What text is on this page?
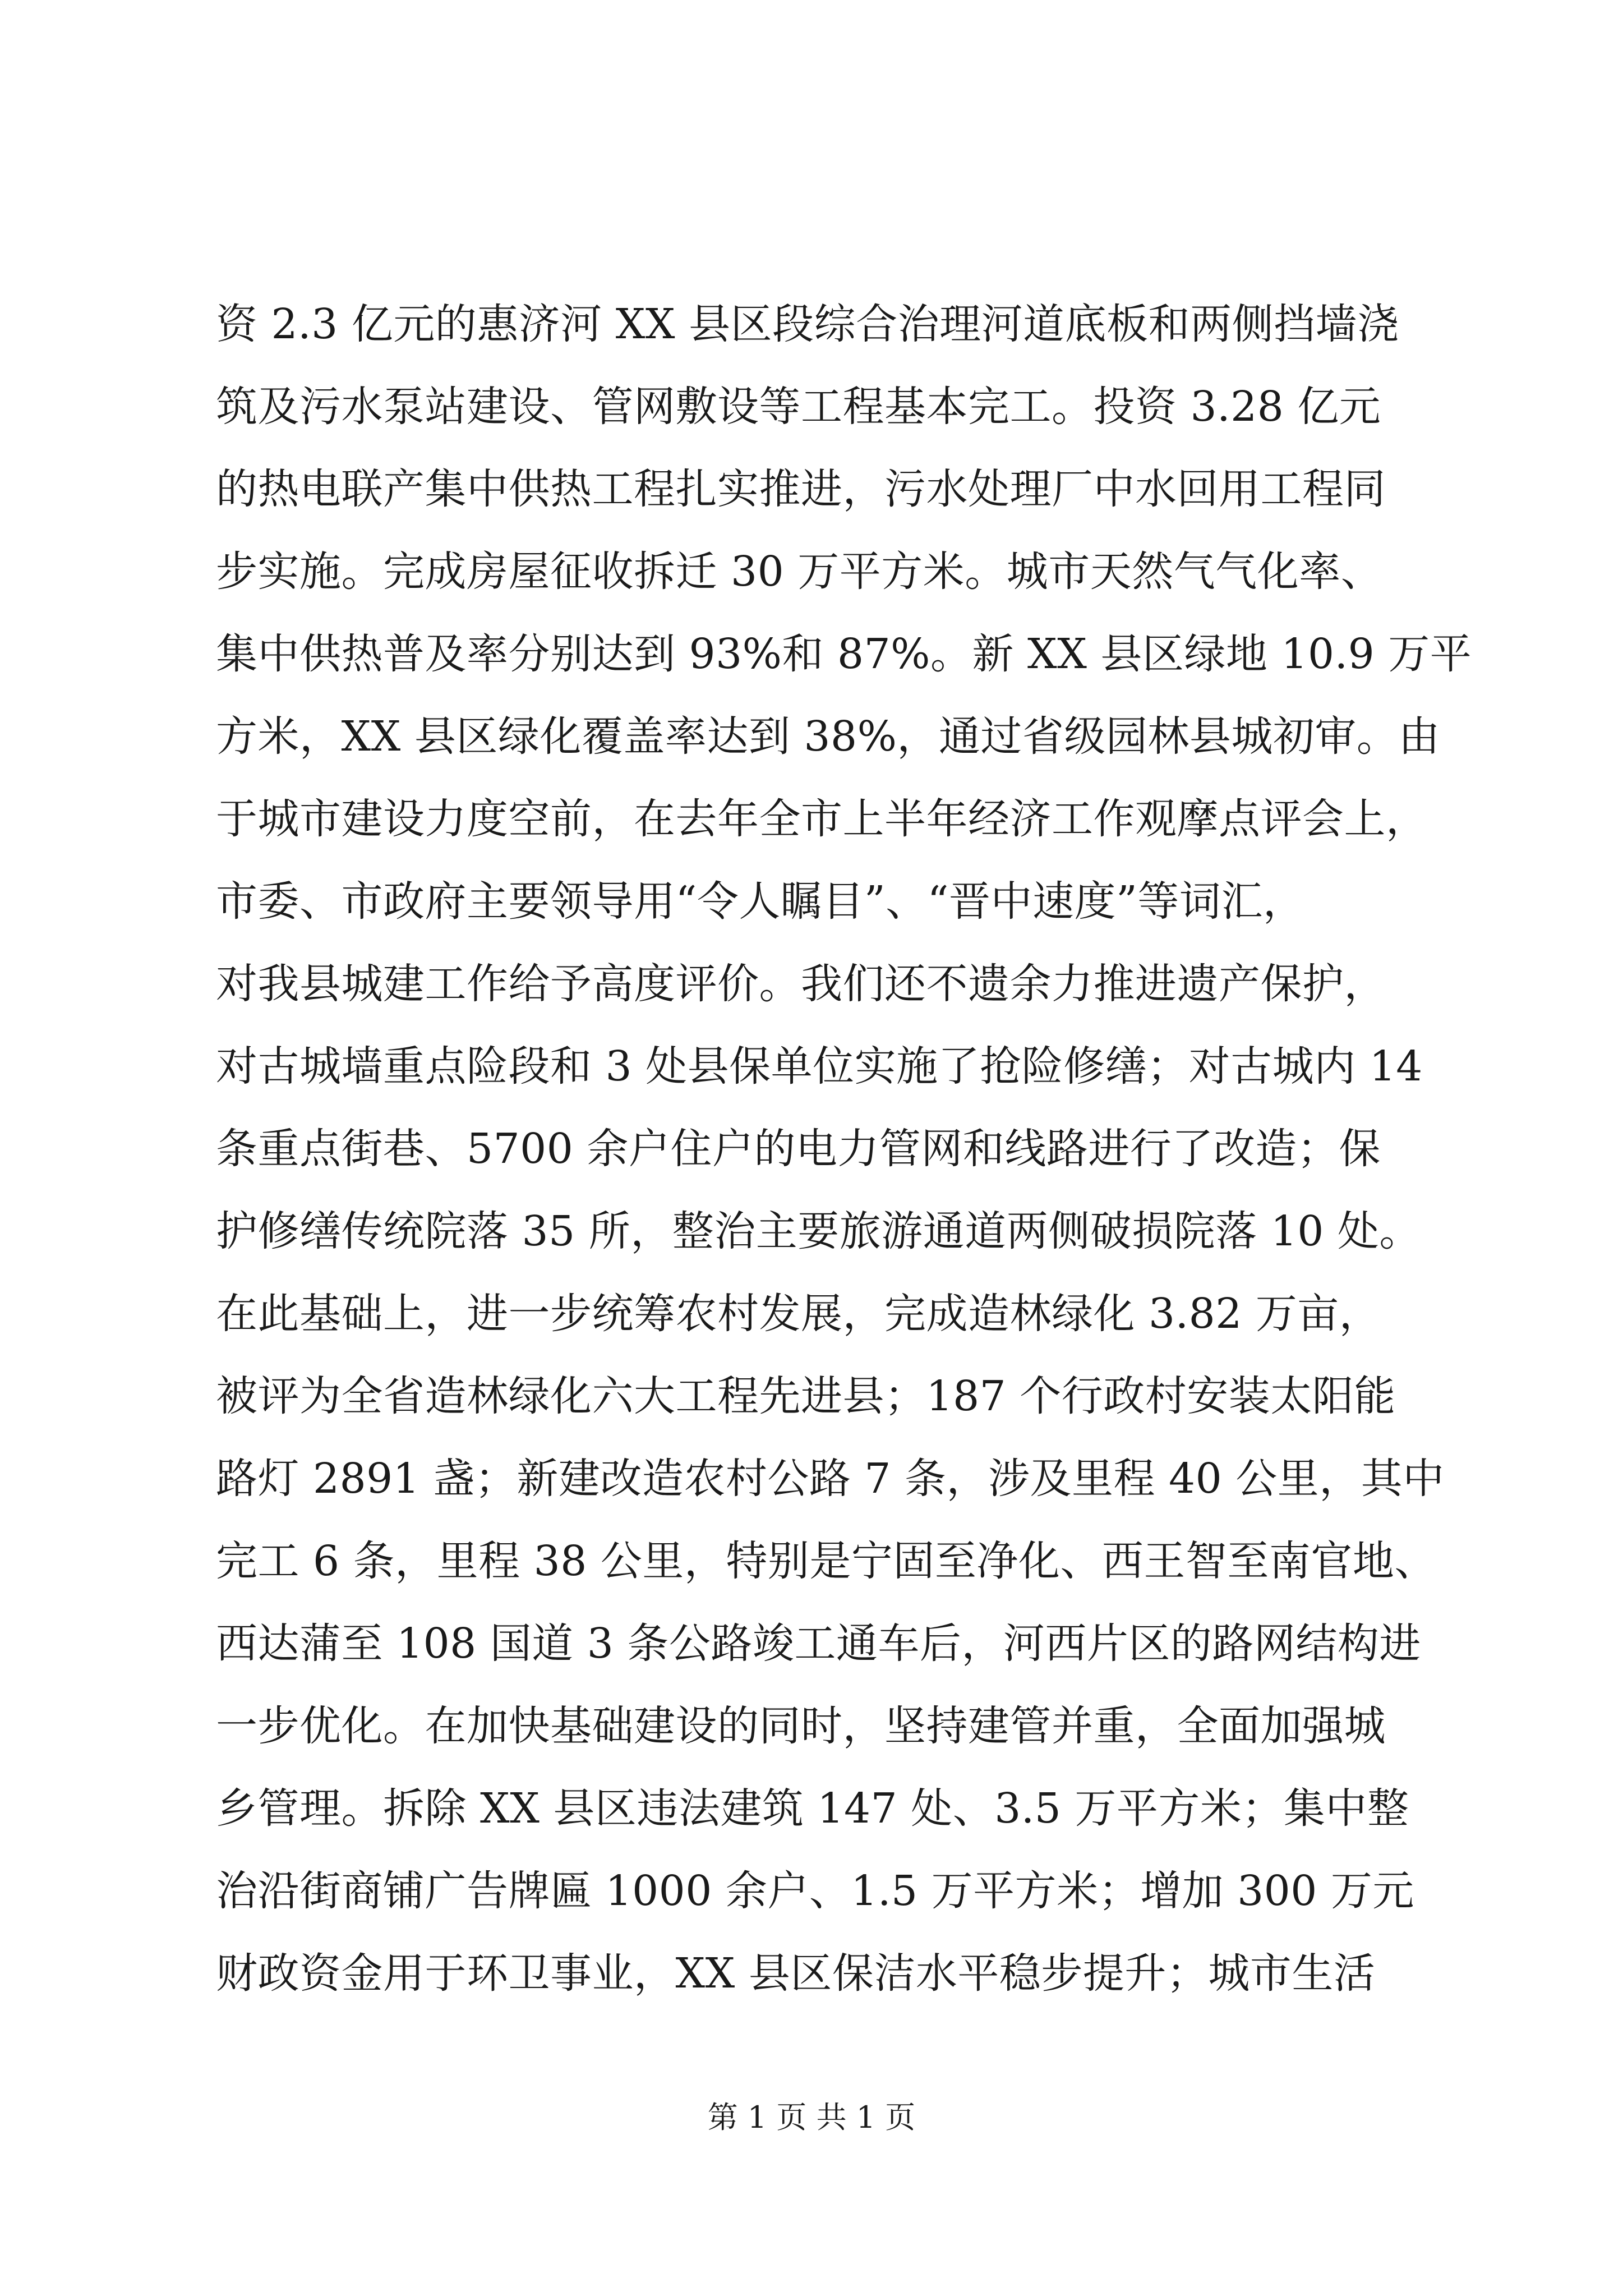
资 2.3 亿元的惠济河 XX 县区段综合治理河道底板和两侧挡墙浇
筑及污水泵站建设、管网敷设等工程基本完工。投资 3.28 亿元
的热电联产集中供热工程扎实推进，污水处理厂中水回用工程同
步实施。完成房屋征收拆迁 30 万平方米。城市天然气气化率、
集中供热普及率分别达到 93%和 87%。新 XX 县区绿地 10.9 万平
方米，XX 县区绿化覆盖率达到 38%，通过省级园林县城初审。由
于城市建设力度空前，在去年全市上半年经济工作观摩点评会上，
市委、市政府主要领导用“令人瞩目”、“晋中速度”等词汇，
对我县城建工作给予高度评价。我们还不遗余力推进遗产保护，
对古城墙重点险段和 3 处县保单位实施了抢险修缮；对古城内 14
条重点街巷、5700 余户住户的电力管网和线路进行了改造；保
护修缮传统院落 35 所，整治主要旅游通道两侧破损院落 10 处。
在此基础上，进一步统筹农村发展，完成造林绿化 3.82 万亩，
被评为全省造林绿化六大工程先进县；187 个行政村安装太阳能
路灯 2891 盏；新建改造农村公路 7 条，涉及里程 40 公里，其中
完工 6 条，里程 38 公里，特别是宁固至净化、西王智至南官地、
西达蒲至 108 国道 3 条公路竣工通车后，河西片区的路网结构进
一步优化。在加快基础建设的同时，坚持建管并重，全面加强城
乡管理。拆除 XX 县区违法建筑 147 处、3.5 万平方米；集中整
治沿街商铺广告牌匾 1000 余户、1.5 万平方米；增加 300 万元
财政资金用于环卫事业，XX 县区保洁水平稳步提升；城市生活
第 1 页 共 1 页
